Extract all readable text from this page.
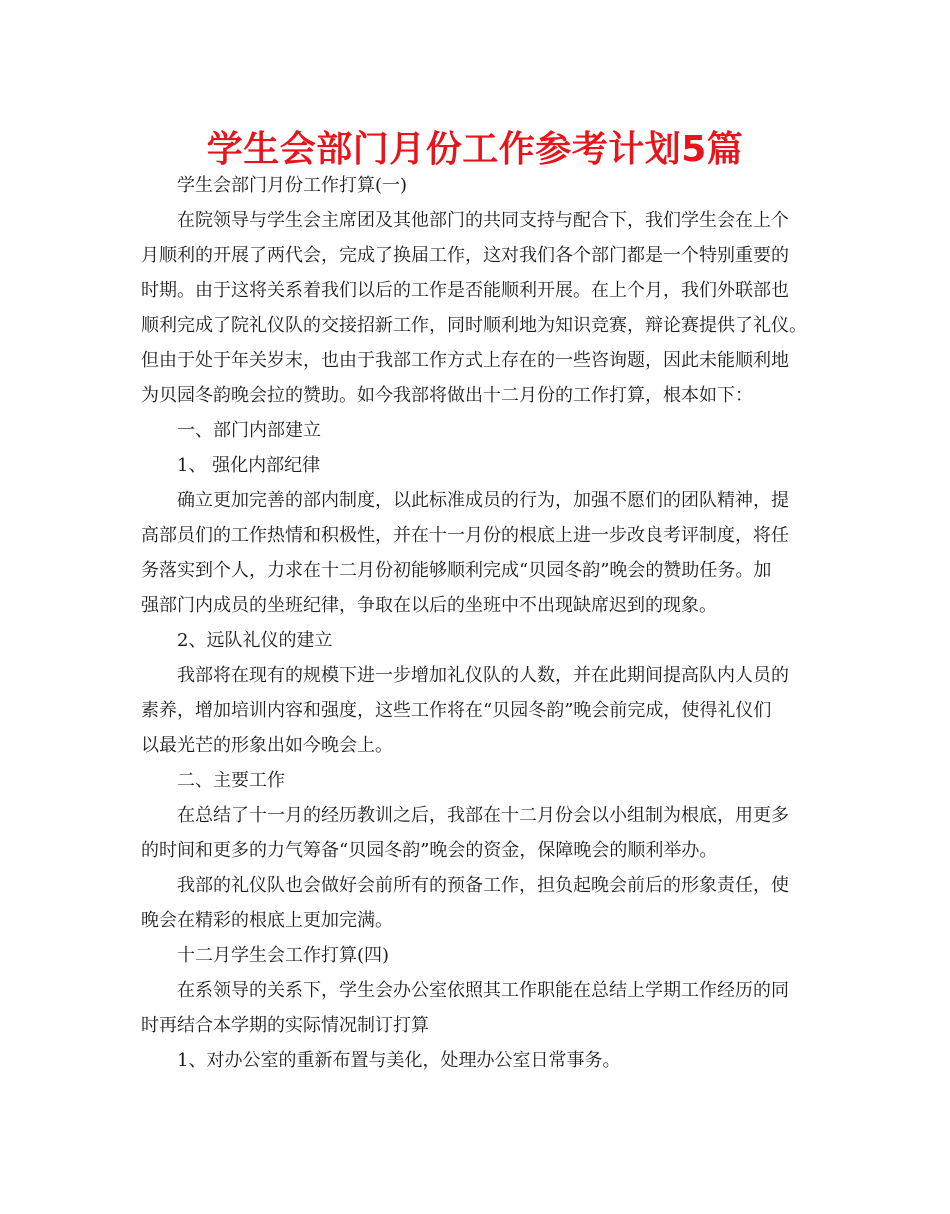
学生会部门月份工作参考计划5篇
学生会部门月份工作打算(一)
在院领导与学生会主席团及其他部门的共同支持与配合下，我们学生会在上个
月顺利的开展了两代会，完成了换届工作，这对我们各个部门都是一个特别重要的
时期。由于这将关系着我们以后的工作是否能顺利开展。在上个月，我们外联部也
顺利完成了院礼仪队的交接招新工作，同时顺利地为知识竞赛，辩论赛提供了礼仪。
但由于处于年关岁末，也由于我部工作方式上存在的一些咨询题，因此未能顺利地
为贝园冬韵晚会拉的赞助。如今我部将做出十二月份的工作打算，根本如下：
一、部门内部建立
1、 强化内部纪律
确立更加完善的部内制度，以此标准成员的行为，加强不愿们的团队精神，提
高部员们的工作热情和积极性，并在十一月份的根底上进一步改良考评制度，将任
务落实到个人，力求在十二月份初能够顺利完成“贝园冬韵”晚会的赞助任务。加
强部门内成员的坐班纪律，争取在以后的坐班中不出现缺席迟到的现象。
2、远队礼仪的建立
我部将在现有的规模下进一步增加礼仪队的人数，并在此期间提高队内人员的
素养，增加培训内容和强度，这些工作将在“贝园冬韵”晚会前完成，使得礼仪们
以最光芒的形象出如今晚会上。
二、主要工作
在总结了十一月的经历教训之后，我部在十二月份会以小组制为根底，用更多
的时间和更多的力气筹备“贝园冬韵”晚会的资金，保障晚会的顺利举办。
我部的礼仪队也会做好会前所有的预备工作，担负起晚会前后的形象责任，使
晚会在精彩的根底上更加完满。
十二月学生会工作打算(四)
在系领导的关系下，学生会办公室依照其工作职能在总结上学期工作经历的同
时再结合本学期的实际情况制订打算
1、对办公室的重新布置与美化，处理办公室日常事务。
